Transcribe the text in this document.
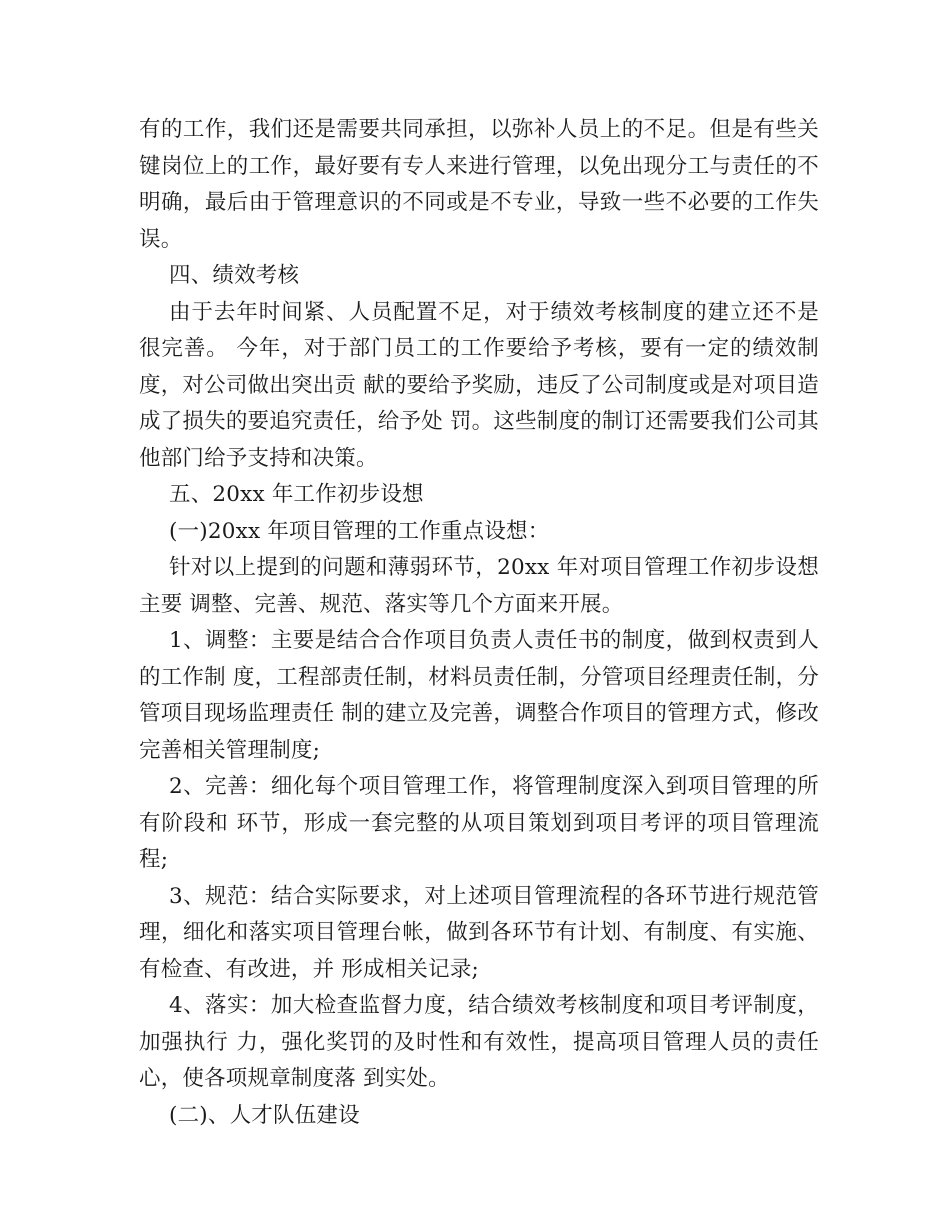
有的工作，我们还是需要共同承担，以弥补人员上的不足。但是有些关键岗位上的工作，最好要有专人来进行管理，以免出现分工与责任的不明确，最后由于管理意识的不同或是不专业，导致一些不必要的工作失误。

四、绩效考核

由于去年时间紧、人员配置不足，对于绩效考核制度的建立还不是很完善。 今年，对于部门员工的工作要给予考核，要有一定的绩效制度，对公司做出突出贡 献的要给予奖励，违反了公司制度或是对项目造成了损失的要追究责任，给予处 罚。这些制度的制订还需要我们公司其他部门给予支持和决策。

五、20xx 年工作初步设想

(一)20xx 年项目管理的工作重点设想：

针对以上提到的问题和薄弱环节，20xx 年对项目管理工作初步设想主要 调整、完善、规范、落实等几个方面来开展。

1、调整：主要是结合合作项目负责人责任书的制度，做到权责到人的工作制 度，工程部责任制，材料员责任制，分管项目经理责任制，分管项目现场监理责任 制的建立及完善，调整合作项目的管理方式，修改完善相关管理制度;

2、完善：细化每个项目管理工作，将管理制度深入到项目管理的所有阶段和 环节，形成一套完整的从项目策划到项目考评的项目管理流程;

3、规范：结合实际要求，对上述项目管理流程的各环节进行规范管理，细化和落实项目管理台帐，做到各环节有计划、有制度、有实施、有检查、有改进，并 形成相关记录;

4、落实：加大检查监督力度，结合绩效考核制度和项目考评制度，加强执行 力，强化奖罚的及时性和有效性，提高项目管理人员的责任心，使各项规章制度落 到实处。

(二)、人才队伍建设
